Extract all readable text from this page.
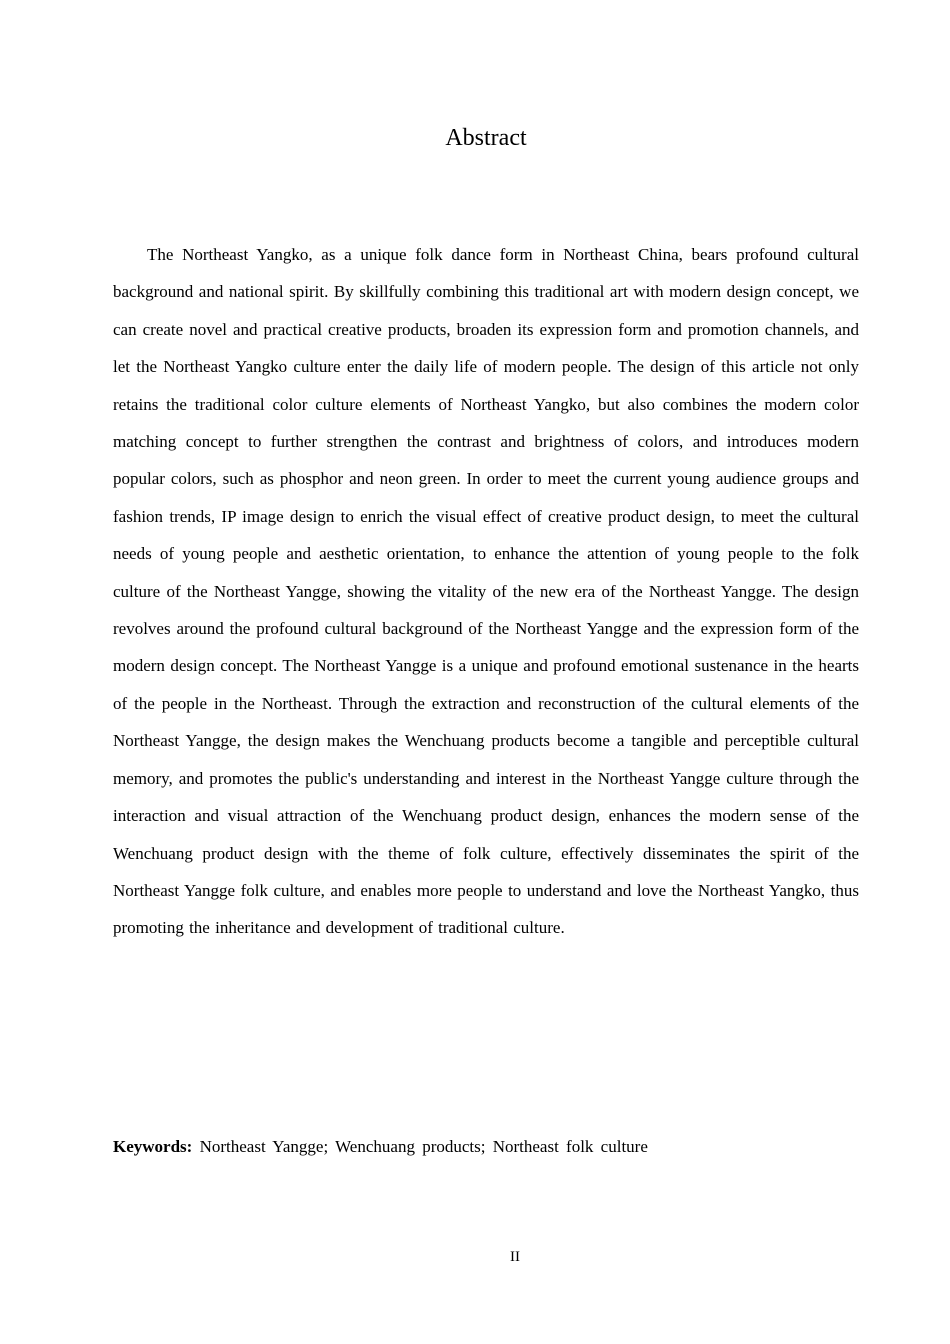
Abstract

The Northeast Yangko, as a unique folk dance form in Northeast China, bears profound cultural background and national spirit. By skillfully combining this traditional art with modern design concept, we can create novel and practical creative products, broaden its expression form and promotion channels, and let the Northeast Yangko culture enter the daily life of modern people. The design of this article not only retains the traditional color culture elements of Northeast Yangko, but also combines the modern color matching concept to further strengthen the contrast and brightness of colors, and introduces modern popular colors, such as phosphor and neon green. In order to meet the current young audience groups and fashion trends, IP image design to enrich the visual effect of creative product design, to meet the cultural needs of young people and aesthetic orientation, to enhance the attention of young people to the folk culture of the Northeast Yangge, showing the vitality of the new era of the Northeast Yangge. The design revolves around the profound cultural background of the Northeast Yangge and the expression form of the modern design concept. The Northeast Yangge is a unique and profound emotional sustenance in the hearts of the people in the Northeast. Through the extraction and reconstruction of the cultural elements of the Northeast Yangge, the design makes the Wenchuang products become a tangible and perceptible cultural memory, and promotes the public's understanding and interest in the Northeast Yangge culture through the interaction and visual attraction of the Wenchuang product design, enhances the modern sense of the Wenchuang product design with the theme of folk culture, effectively disseminates the spirit of the Northeast Yangge folk culture, and enables more people to understand and love the Northeast Yangko, thus promoting the inheritance and development of traditional culture.

Keywords: Northeast Yangge; Wenchuang products; Northeast folk culture

II
